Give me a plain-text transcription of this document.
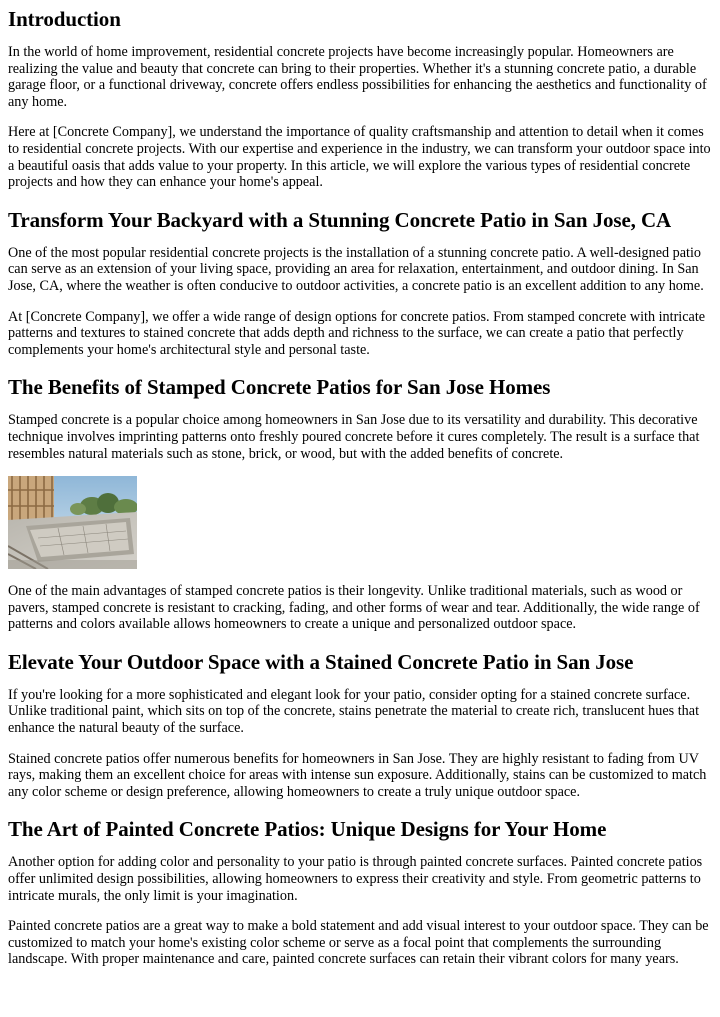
Introduction

In the world of home improvement, residential concrete projects have become increasingly popular. Homeowners are realizing the value and beauty that concrete can bring to their properties. Whether it's a stunning concrete patio, a durable garage floor, or a functional driveway, concrete offers endless possibilities for enhancing the aesthetics and functionality of any home.

Here at [Concrete Company], we understand the importance of quality craftsmanship and attention to detail when it comes to residential concrete projects. With our expertise and experience in the industry, we can transform your outdoor space into a beautiful oasis that adds value to your property. In this article, we will explore the various types of residential concrete projects and how they can enhance your home's appeal.

Transform Your Backyard with a Stunning Concrete Patio in San Jose, CA

One of the most popular residential concrete projects is the installation of a stunning concrete patio. A well-designed patio can serve as an extension of your living space, providing an area for relaxation, entertainment, and outdoor dining. In San Jose, CA, where the weather is often conducive to outdoor activities, a concrete patio is an excellent addition to any home.

At [Concrete Company], we offer a wide range of design options for concrete patios. From stamped concrete with intricate patterns and textures to stained concrete that adds depth and richness to the surface, we can create a patio that perfectly complements your home's architectural style and personal taste.

The Benefits of Stamped Concrete Patios for San Jose Homes

Stamped concrete is a popular choice among homeowners in San Jose due to its versatility and durability. This decorative technique involves imprinting patterns onto freshly poured concrete before it cures completely. The result is a surface that resembles natural materials such as stone, brick, or wood, but with the added benefits of concrete.

One of the main advantages of stamped concrete patios is their longevity. Unlike traditional materials, such as wood or pavers, stamped concrete is resistant to cracking, fading, and other forms of wear and tear. Additionally, the wide range of patterns and colors available allows homeowners to create a unique and personalized outdoor space.

Elevate Your Outdoor Space with a Stained Concrete Patio in San Jose

If you're looking for a more sophisticated and elegant look for your patio, consider opting for a stained concrete surface. Unlike traditional paint, which sits on top of the concrete, stains penetrate the material to create rich, translucent hues that enhance the natural beauty of the surface.

Stained concrete patios offer numerous benefits for homeowners in San Jose. They are highly resistant to fading from UV rays, making them an excellent choice for areas with intense sun exposure. Additionally, stains can be customized to match any color scheme or design preference, allowing homeowners to create a truly unique outdoor space.

The Art of Painted Concrete Patios: Unique Designs for Your Home

Another option for adding color and personality to your patio is through painted concrete surfaces. Painted concrete patios offer unlimited design possibilities, allowing homeowners to express their creativity and style. From geometric patterns to intricate murals, the only limit is your imagination.

Painted concrete patios are a great way to make a bold statement and add visual interest to your outdoor space. They can be customized to match your home's existing color scheme or serve as a focal point that complements the surrounding landscape. With proper maintenance and care, painted concrete surfaces can retain their vibrant colors for many years.
